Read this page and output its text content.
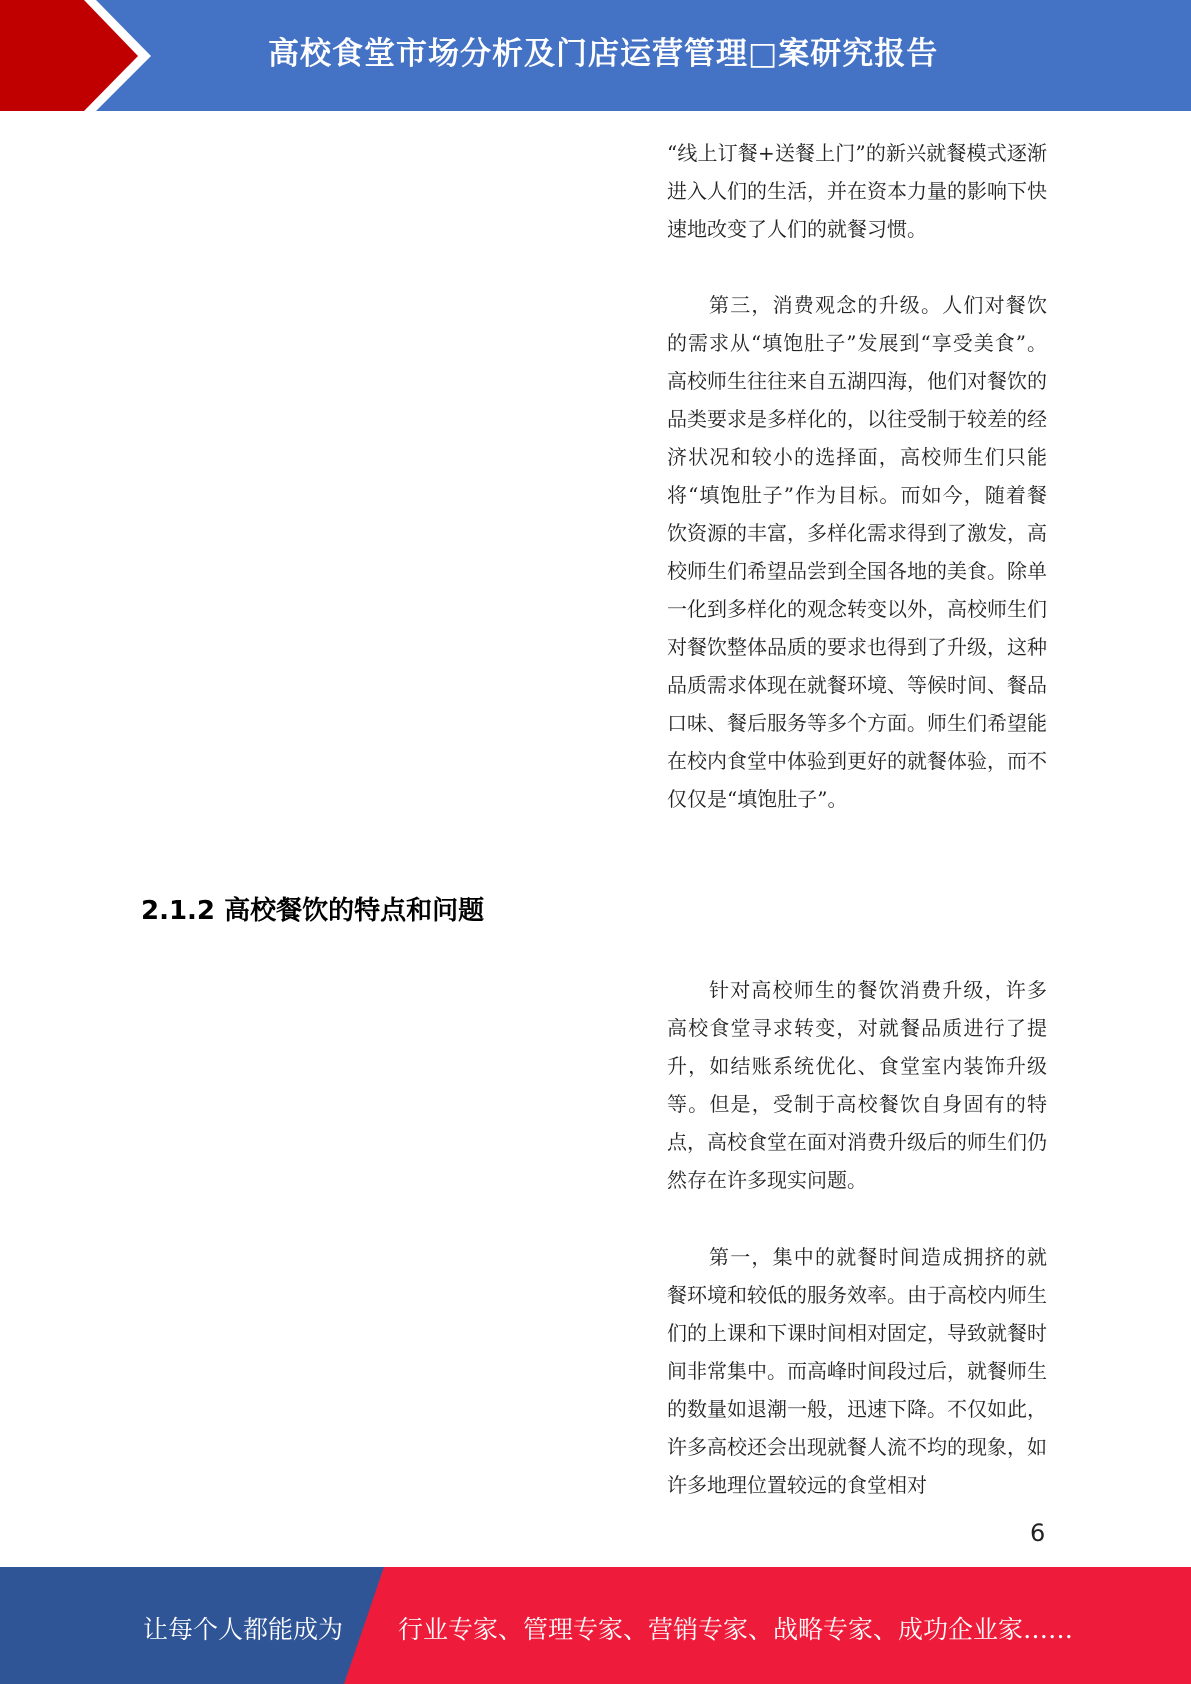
高校食堂市场分析及门店运营管理□案研究报告

“线上订餐+送餐上门”的新兴就餐模式逐渐进入人们的生活，并在资本力量的影响下快速地改变了人们的就餐习惯。

第三，消费观念的升级。人们对餐饮的需求从“填饱肚子”发展到“享受美食”。高校师生往往来自五湖四海，他们对餐饮的品类要求是多样化的，以往受制于较差的经济状况和较小的选择面，高校师生们只能将“填饱肚子”作为目标。而如今，随着餐饮资源的丰富，多样化需求得到了激发，高校师生们希望品尝到全国各地的美食。除单一化到多样化的观念转变以外，高校师生们对餐饮整体品质的要求也得到了升级，这种品质需求体现在就餐环境、等候时间、餐品口味、餐后服务等多个方面。师生们希望能在校内食堂中体验到更好的就餐体验，而不仅仅是“填饱肚子”。

2.1.2 高校餐饮的特点和问题

针对高校师生的餐饮消费升级，许多高校食堂寻求转变，对就餐品质进行了提升，如结账系统优化、食堂室内装饰升级等。但是，受制于高校餐饮自身固有的特点，高校食堂在面对消费升级后的师生们仍然存在许多现实问题。

第一，集中的就餐时间造成拥挤的就餐环境和较低的服务效率。由于高校内师生们的上课和下课时间相对固定，导致就餐时间非常集中。而高峰时间段过后，就餐师生的数量如退潮一般，迅速下降。不仅如此，许多高校还会出现就餐人流不均的现象，如许多地理位置较远的食堂相对

6
让每个人都能成为 行业专家、管理专家、营销专家、战略专家、成功企业家……
